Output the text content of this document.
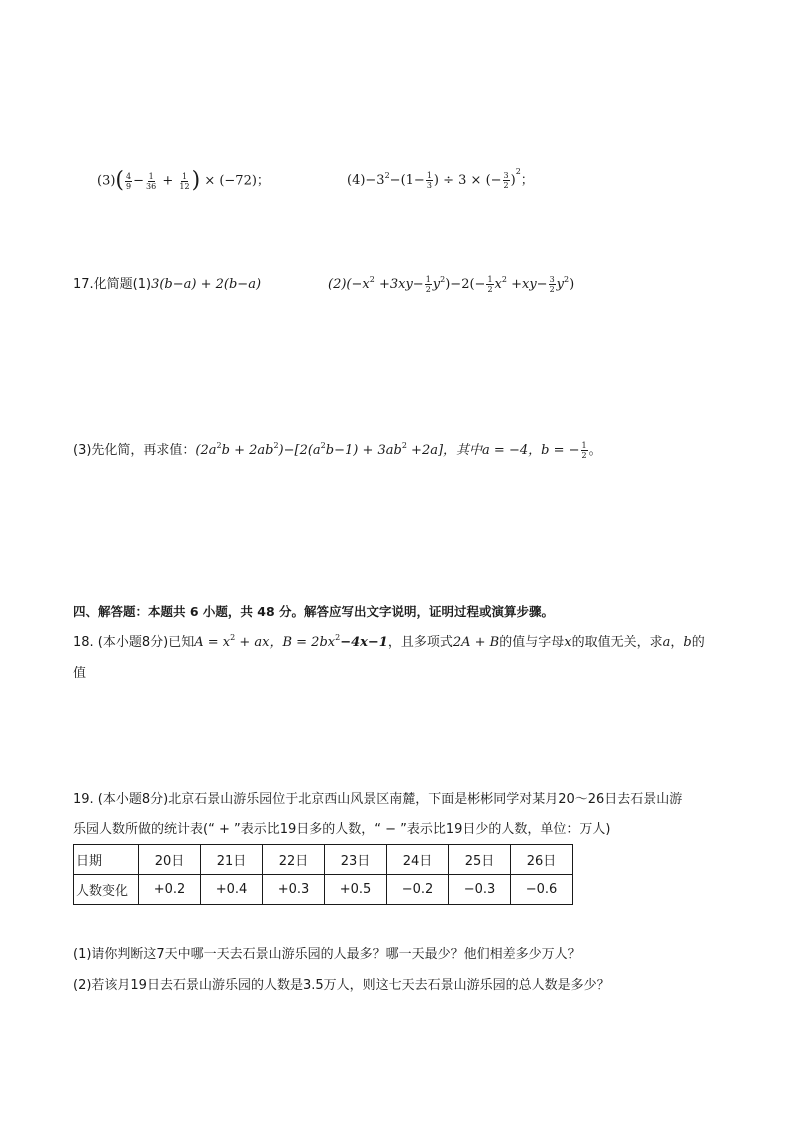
$(3)( \frac{4}{9} - \frac{1}{36} + \frac{1}{12}$ ) × (−72)；	$(4)-3^2-(1- \frac{1}{3}$ ) ÷ 3 × (− $\frac{3}{2} )^2$；
17.化简题(1)3(b−a) + 2(b−a)	$(2)(-x^2 +3xy- \frac{1}{2} y^2)-2(- \frac{1}{2} x^2 +xy- \frac{3}{2} y^2)$
(3)先化简，再求值：$(2a^2b + 2ab^2)-[2(a^2b-1) + 3ab^2 +2a]$，其中a = −4，b = − $\frac{1}{2}$ 。
四、解答题：本题共 6 小题，共 48 分。解答应写出文字说明，证明过程或演算步骤。
18. (本小题8分)已知$A = x^2$ + ax，$B = 2bx^2-4x-1$，且多项式2A + B的值与字母x的取值无关，求a，b的
值
19. (本小题8分)北京石景山游乐园位于北京西山风景区南麓，下面是彬彬同学对某月20～26日去石景山游
乐园人数所做的统计表(“ + ”表示比19日多的人数，“ − ”表示比19日少的人数，单位：万人)
日期	20日	21日	22日	23日	24日	25日	26日
人数变化	+0.2	+0.4	+0.3	+0.5	−0.2	−0.3	−0.6
(1)请你判断这7天中哪一天去石景山游乐园的人最多？哪一天最少？他们相差多少万人？
(2)若该月19日去石景山游乐园的人数是3.5万人，则这七天去石景山游乐园的总人数是多少？
